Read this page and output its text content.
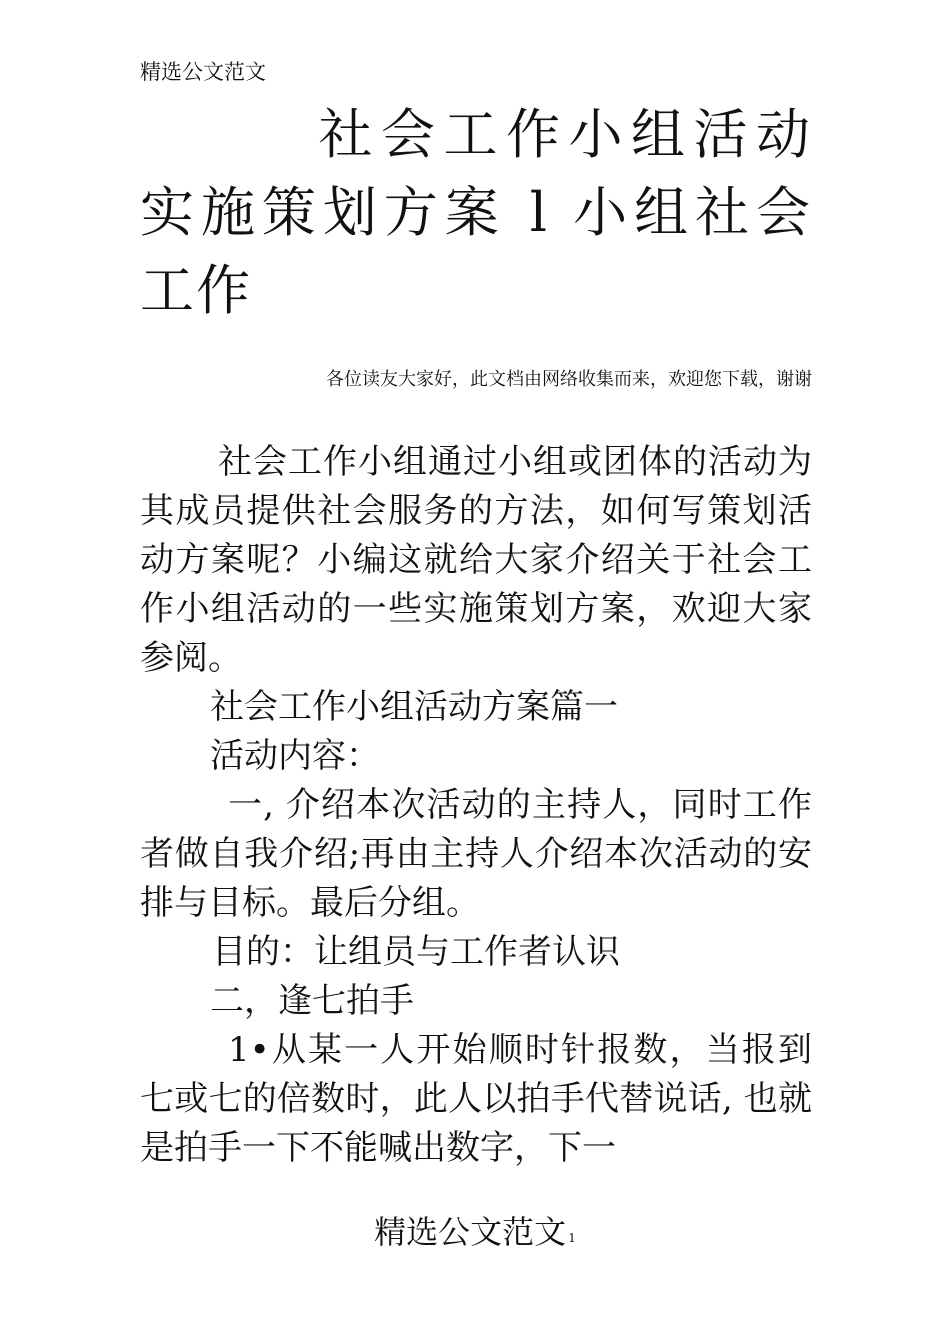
精选公文范文
社会工作小组活动实施策划方案 l 小组社会工作
各位读友大家好，此文档由网络收集而来，欢迎您下载，谢谢

社会工作小组通过小组或团体的活动为其成员提供社会服务的方法，如何写策划活动方案呢？小编这就给大家介绍关于社会工作小组活动的一些实施策划方案，欢迎大家参阅。

社会工作小组活动方案篇一

活动内容：

一, 介绍本次活动的主持人，同时工作者做自我介绍;再由主持人介绍本次活动的安排与目标。最后分组。

目的：让组员与工作者认识

二，逢七拍手

1•从某一人开始顺时针报数，当报到七或七的倍数时，此人以拍手代替说话, 也就是拍手一下不能喊出数字，下一

精选公文范文 $^1$
